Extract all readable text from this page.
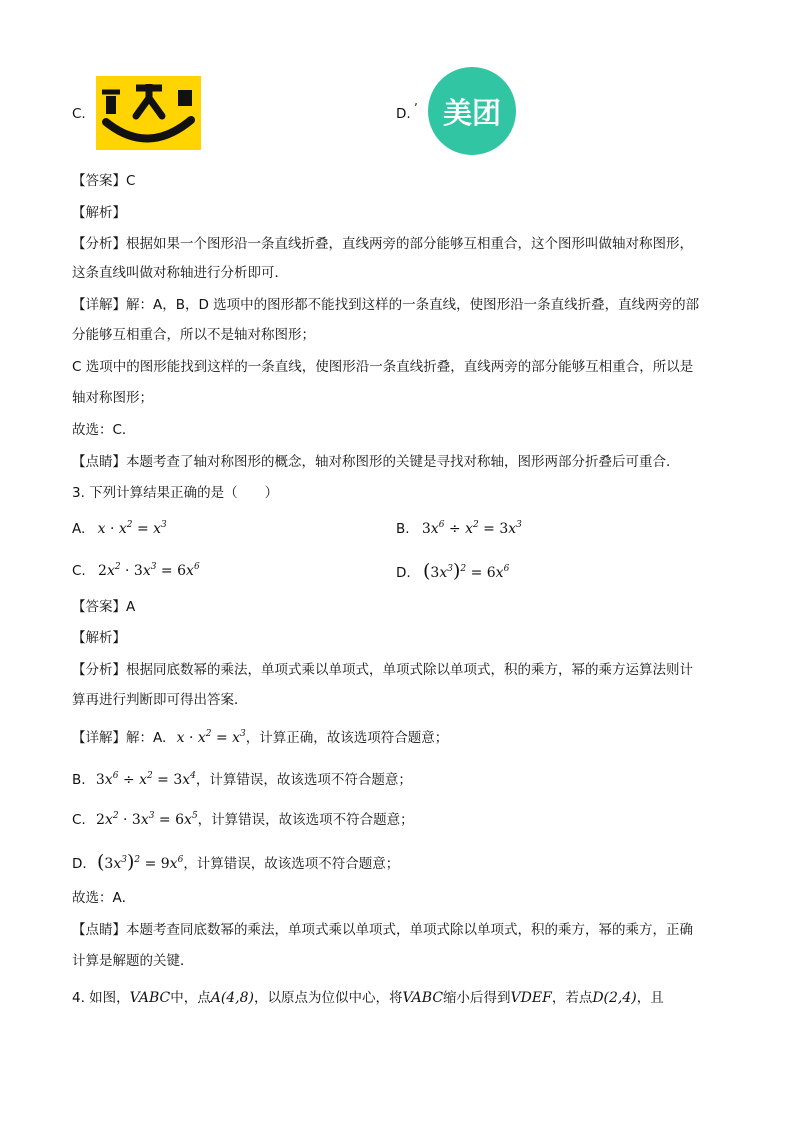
C.	D. ʼ 美团
【答案】C
【解析】
【分析】根据如果一个图形沿一条直线折叠，直线两旁的部分能够互相重合，这个图形叫做轴对称图形，
这条直线叫做对称轴进行分析即可．
【详解】解：A，B，D 选项中的图形都不能找到这样的一条直线，使图形沿一条直线折叠，直线两旁的部
分能够互相重合，所以不是轴对称图形；
C 选项中的图形能找到这样的一条直线，使图形沿一条直线折叠，直线两旁的部分能够互相重合，所以是
轴对称图形；
故选：C．
【点睛】本题考查了轴对称图形的概念，轴对称图形的关键是寻找对称轴，图形两部分折叠后可重合．
3. 下列计算结果正确的是（　　）
A. $x \cdot x^2 = x^3$	B. $3x^6 \div x^2 = 3x^3$
C. $2x^2 \cdot 3x^3 = 6x^6$	D. $(3x^3)^2 = 6x^6$
【答案】A
【解析】
【分析】根据同底数幂的乘法，单项式乘以单项式，单项式除以单项式，积的乘方，幂的乘方运算法则计
算再进行判断即可得出答案．
【详解】解：A. $x \cdot x^2 = x^3$，计算正确，故该选项符合题意；
B. $3x^6 \div x^2 = 3x^4$，计算错误，故该选项不符合题意；
C. $2x^2 \cdot 3x^3 = 6x^5$，计算错误，故该选项不符合题意；
D. $(3x^3)^2 = 9x^6$，计算错误，故该选项不符合题意；
故选：A．
【点睛】本题考查同底数幂的乘法，单项式乘以单项式，单项式除以单项式，积的乘方，幂的乘方，正确
计算是解题的关键．
4. 如图，VABC中，点A(4,8)，以原点为位似中心，将VABC缩小后得到VDEF，若点D(2,4)，且
